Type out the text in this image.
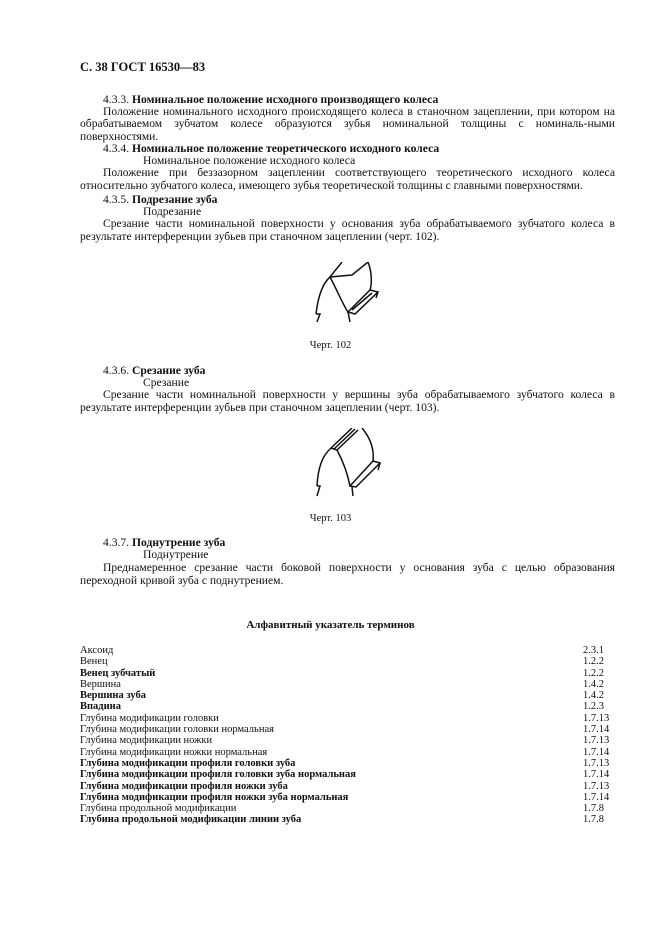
С. 38 ГОСТ 16530—83
4.3.3. Номинальное положение исходного производящего колеса
Положение номинального исходного происходящего колеса в станочном зацеплении, при котором на обрабатываемом зубчатом колесе образуются зубья номинальной толщины с номиналь-ными поверхностями.
4.3.4. Номинальное положение теоретического исходного колеса
Номинальное положение исходного колеса
Положение при беззазорном зацеплении соответствующего теоретического исходного колеса относительно зубчатого колеса, имеющего зубья теоретической толщины с главными поверхностями.
4.3.5. Подрезание зуба
Подрезание
Срезание части номинальной поверхности у основания зуба обрабатываемого зубчатого колеса в результате интерференции зубьев при станочном зацеплении (черт. 102).
Черт. 102
4.3.6. Срезание зуба
Срезание
Срезание части номинальной поверхности у вершины зуба обрабатываемого зубчатого колеса в результате интерференции зубьев при станочном зацеплении (черт. 103).
Черт. 103
4.3.7. Поднутрение зуба
Поднутрение
Преднамеренное срезание части боковой поверхности у основания зуба с целью образования переходной кривой зуба с поднутрением.
Алфавитный указатель терминов
Аксоид	2.3.1
Венец	1.2.2
Венец зубчатый	1.2.2
Вершина	1.4.2
Вершина зуба	1.4.2
Впадина	1.2.3
Глубина модификации головки	1.7.13
Глубина модификации головки нормальная	1.7.14
Глубина модификации ножки	1.7.13
Глубина модификации ножки нормальная	1.7.14
Глубина модификации профиля головки зуба	1.7.13
Глубина модификации профиля головки зуба нормальная	1.7.14
Глубина модификации профиля ножки зуба	1.7.13
Глубина модификации профиля ножки зуба нормальная	1.7.14
Глубина продольной модификации	1.7.8
Глубина продольной модификации линии зуба	1.7.8
